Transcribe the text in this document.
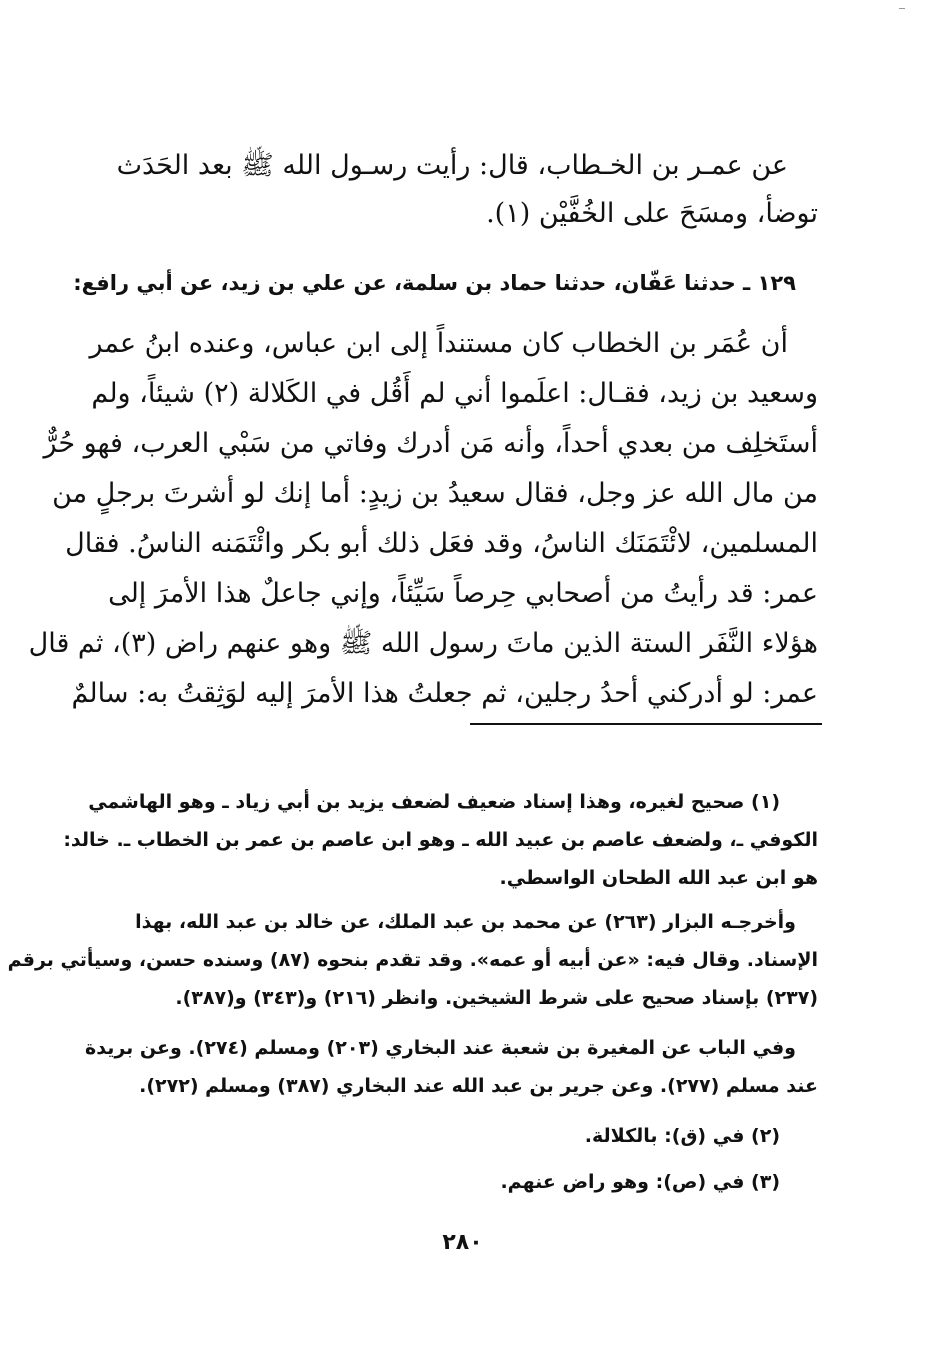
عن عمـر بن الخـطاب، قال: رأيت رسـول الله ﷺ بعد الحَدَث
توضأ، ومسَحَ على الخُفَّيْن (١).
١٢٩ ـ حدثنا عَفّان، حدثنا حماد بن سلمة، عن علي بن زيد، عن أبي رافع:
أن عُمَر بن الخطاب كان مستنداً إلى ابن عباس، وعنده ابنُ عمر
وسعيد بن زيد، فقـال: اعلَموا أني لم أَقُل في الكَلالة (٢) شيئاً، ولم
أستَخلِف من بعدي أحداً، وأنه مَن أدرك وفاتي من سَبْي العرب، فهو حُرٌّ
من مال الله عز وجل، فقال سعيدُ بن زيدٍ: أما إنك لو أشرتَ برجلٍ من
المسلمين، لائْتَمَنَك الناسُ، وقد فعَل ذلك أبو بكر وائْتَمَنه الناسُ. فقال
عمر: قد رأيتُ من أصحابي حِرصاً سَيِّئاً، وإني جاعلٌ هذا الأمرَ إلى
هؤلاء النَّفَر الستة الذين ماتَ رسول الله ﷺ وهو عنهم راض (٣)، ثم قال
عمر: لو أدركني أحدُ رجلين، ثم جعلتُ هذا الأمرَ إليه لوَثِقتُ به: سالمٌ
(١) صحيح لغيره، وهذا إسناد ضعيف لضعف يزيد بن أبي زياد ـ وهو الهاشمي
الكوفي ـ، ولضعف عاصم بن عبيد الله ـ وهو ابن عاصم بن عمر بن الخطاب ـ. خالد:
هو ابن عبد الله الطحان الواسطي.
وأخرجـه البزار (٢٦٣) عن محمد بن عبد الملك، عن خالد بن عبد الله، بهذا
الإسناد. وقال فيه: «عن أبيه أو عمه». وقد تقدم بنحوه (٨٧) وسنده حسن، وسيأتي برقم
(٢٣٧) بإسناد صحيح على شرط الشيخين. وانظر (٢١٦) و(٣٤٣) و(٣٨٧).
وفي الباب عن المغيرة بن شعبة عند البخاري (٢٠٣) ومسلم (٢٧٤). وعن بريدة
عند مسلم (٢٧٧). وعن جرير بن عبد الله عند البخاري (٣٨٧) ومسلم (٢٧٢).
(٢) في (ق): بالكلالة.
(٣) في (ص): وهو راض عنهم.
٢٨٠
